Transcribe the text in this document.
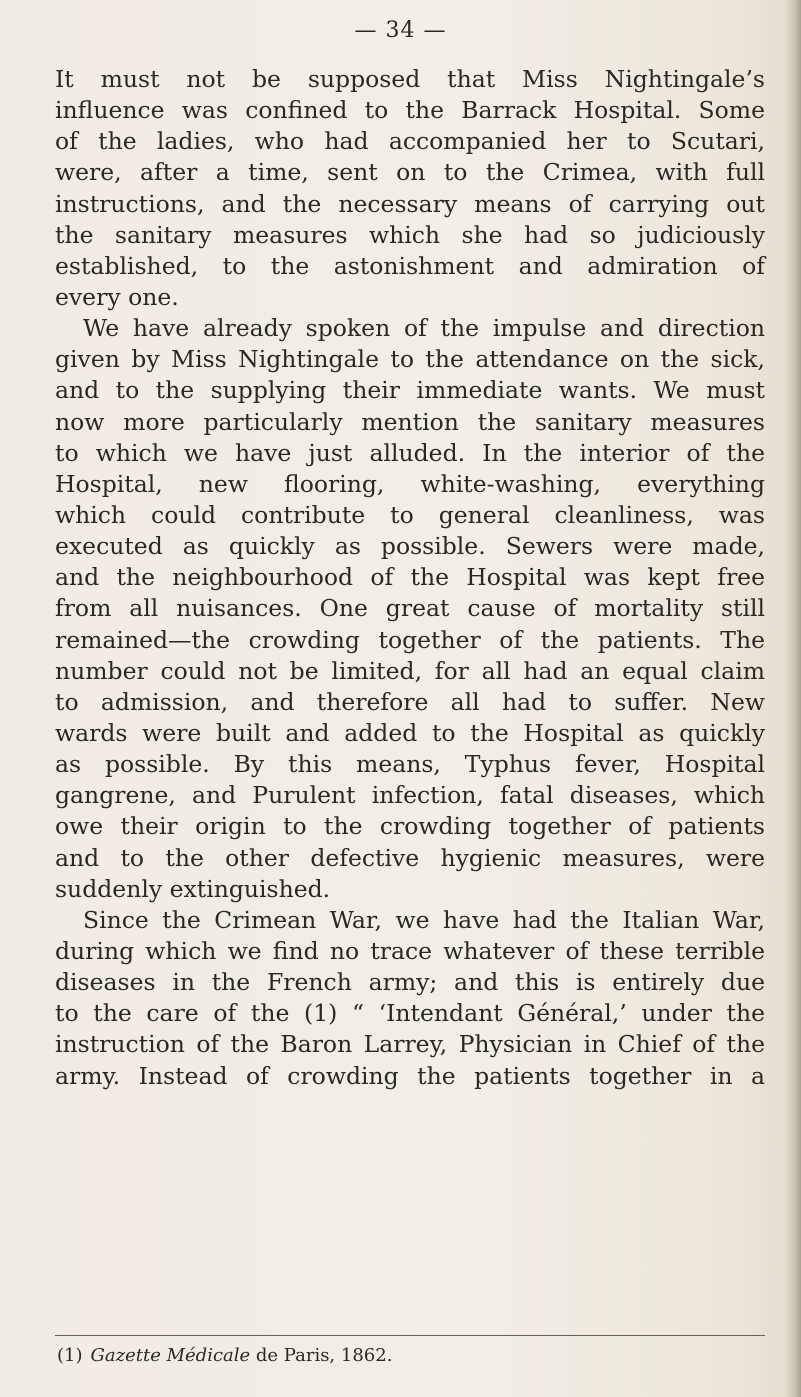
— 34 —
It must not be supposed that Miss Nightingale’s
influence was confined to the Barrack Hospital. Some
of the ladies, who had accompanied her to Scutari,
were, after a time, sent on to the Crimea, with full
instructions, and the necessary means of carrying out
the sanitary measures which she had so judiciously
established, to the astonishment and admiration of
every one.
We have already spoken of the impulse and direction
given by Miss Nightingale to the attendance on the sick,
and to the supplying their immediate wants. We must
now more particularly mention the sanitary measures
to which we have just alluded. In the interior of the
Hospital, new flooring, white-washing, everything
which could contribute to general cleanliness, was
executed as quickly as possible. Sewers were made,
and the neighbourhood of the Hospital was kept free
from all nuisances. One great cause of mortality still
remained—the crowding together of the patients. The
number could not be limited, for all had an equal claim
to admission, and therefore all had to suffer. New
wards were built and added to the Hospital as quickly
as possible. By this means, Typhus fever, Hospital
gangrene, and Purulent infection, fatal diseases, which
owe their origin to the crowding together of patients
and to the other defective hygienic measures, were
suddenly extinguished.
Since the Crimean War, we have had the Italian War,
during which we find no trace whatever of these terrible
diseases in the French army; and this is entirely due
to the care of the (1) “ ‘Intendant Général,’ under the
instruction of the Baron Larrey, Physician in Chief of the
army. Instead of crowding the patients together in a
(1) Gazette Médicale de Paris, 1862.
